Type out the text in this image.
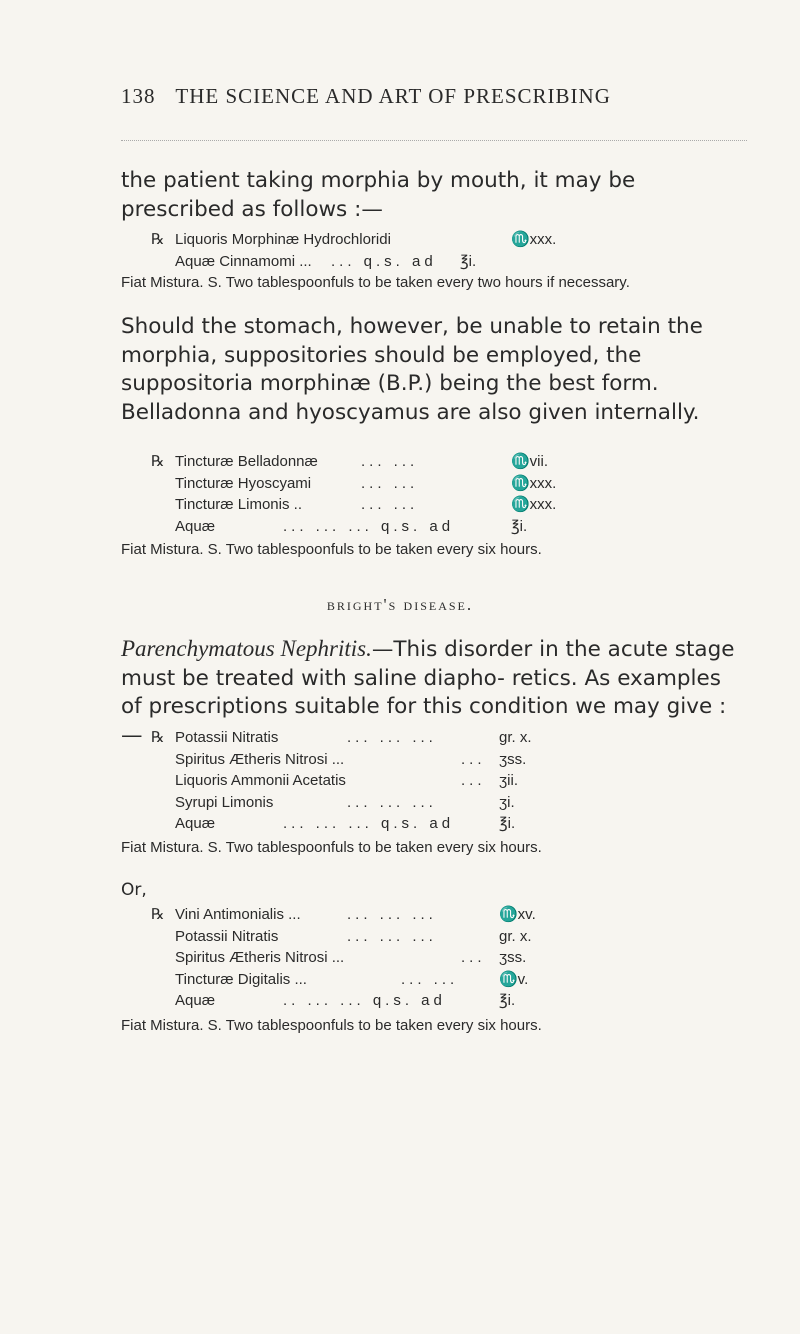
138 THE SCIENCE AND ART OF PRESCRIBING
the patient taking morphia by mouth, it may be prescribed as follows :—
℞ Liquoris Morphinæ Hydrochloridi	♏xxx.
Aquæ Cinnamomi ... ... q.s. ad ℥i.
Fiat Mistura. S. Two tablespoonfuls to be taken every two hours if necessary.
Should the stomach, however, be unable to retain the morphia, suppositories should be employed, the suppositoria morphinæ (B.P.) being the best form. Belladonna and hyoscyamus are also given internally.
℞ Tincturæ Belladonnæ	... ...	♏vii.
Tincturæ Hyoscyami	... ...	♏xxx.
Tincturæ Limonis ..	... ...	♏xxx.
Aquæ	... ... ... q.s. ad	℥i.
Fiat Mistura. S. Two tablespoonfuls to be taken every six hours.
bright's disease.
Parenchymatous Nephritis.—This disorder in the acute stage must be treated with saline diapho- retics. As examples of prescriptions suitable for this condition we may give :— ℞ Potassii Nitratis	... ... ...	gr. x.
Spiritus Ætheris Nitrosi ...	... ʒss.
Liquoris Ammonii Acetatis	... ʒii.
Syrupi Limonis	... ... ...	ʒi.
Aquæ	... ... ... q.s. ad	℥i.
Fiat Mistura. S. Two tablespoonfuls to be taken every six hours.
Or,
℞ Vini Antimonialis ...	... ... ...	♏xv.
Potassii Nitratis	... ... ...	gr. x.
Spiritus Ætheris Nitrosi ...	... ʒss.
Tincturæ Digitalis ...	... ...	♏v.
Aquæ	.. ... ... q.s. ad	℥i.
Fiat Mistura. S. Two tablespoonfuls to be taken every six hours.
